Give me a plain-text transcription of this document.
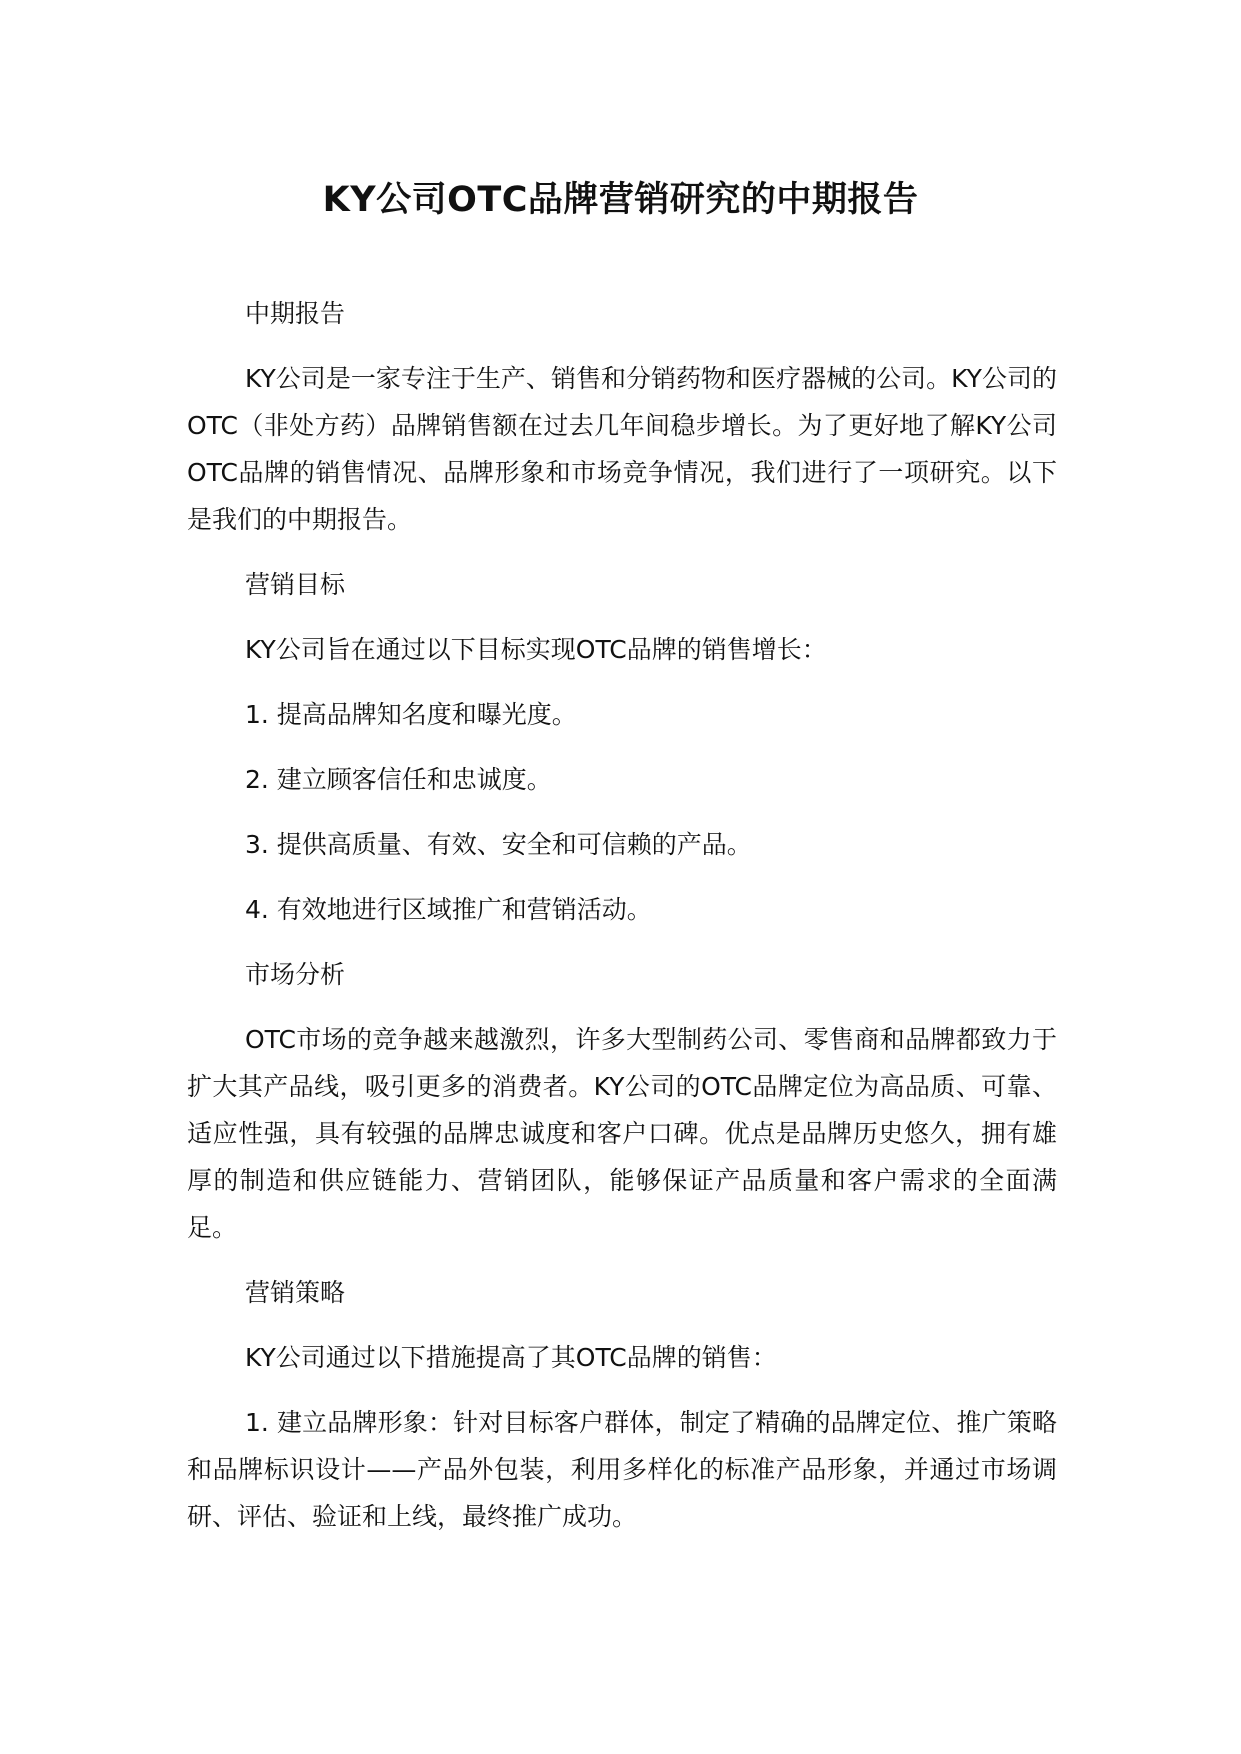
KY公司OTC品牌营销研究的中期报告

中期报告

KY公司是一家专注于生产、销售和分销药物和医疗器械的公司。KY公司的OTC（非处方药）品牌销售额在过去几年间稳步增长。为了更好地了解KY公司OTC品牌的销售情况、品牌形象和市场竞争情况，我们进行了一项研究。以下是我们的中期报告。

营销目标

KY公司旨在通过以下目标实现OTC品牌的销售增长：

1. 提高品牌知名度和曝光度。

2. 建立顾客信任和忠诚度。

3. 提供高质量、有效、安全和可信赖的产品。

4. 有效地进行区域推广和营销活动。

市场分析

OTC市场的竞争越来越激烈，许多大型制药公司、零售商和品牌都致力于扩大其产品线，吸引更多的消费者。KY公司的OTC品牌定位为高品质、可靠、适应性强，具有较强的品牌忠诚度和客户口碑。优点是品牌历史悠久，拥有雄厚的制造和供应链能力、营销团队，能够保证产品质量和客户需求的全面满足。

营销策略

KY公司通过以下措施提高了其OTC品牌的销售：

1. 建立品牌形象：针对目标客户群体，制定了精确的品牌定位、推广策略和品牌标识设计——产品外包装，利用多样化的标准产品形象，并通过市场调研、评估、验证和上线，最终推广成功。
